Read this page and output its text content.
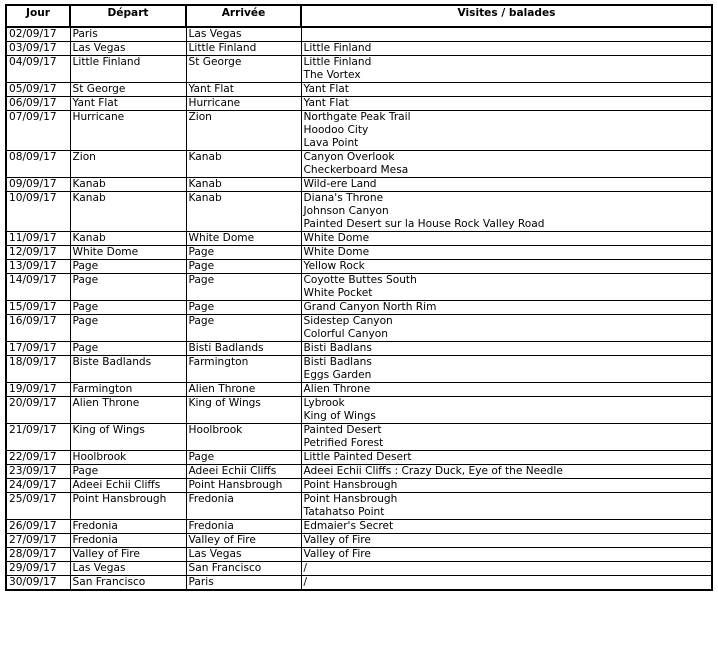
Jour	Départ	Arrivée	Visites / balades
02/09/17	Paris	Las Vegas	

03/09/17	Las Vegas	Little Finland	Little Finland

04/09/17	Little Finland	St George	Little Finland
The Vortex

05/09/17	St George	Yant Flat	Yant Flat

06/09/17	Yant Flat	Hurricane	Yant Flat

07/09/17	Hurricane	Zion	Northgate Peak Trail
Hoodoo City
Lava Point

08/09/17	Zion	Kanab	Canyon Overlook
Checkerboard Mesa

09/09/17	Kanab	Kanab	Wild-ere Land

10/09/17	Kanab	Kanab	Diana's Throne
Johnson Canyon
Painted Desert sur la House Rock Valley Road

11/09/17	Kanab	White Dome	White Dome

12/09/17	White Dome	Page	White Dome

13/09/17	Page	Page	Yellow Rock

14/09/17	Page	Page	Coyotte Buttes South
White Pocket

15/09/17	Page	Page	Grand Canyon North Rim

16/09/17	Page	Page	Sidestep Canyon
Colorful Canyon

17/09/17	Page	Bisti Badlands	Bisti Badlans

18/09/17	Biste Badlands	Farmington	Bisti Badlans
Eggs Garden

19/09/17	Farmington	Alien Throne	Alien Throne

20/09/17	Alien Throne	King of Wings	Lybrook
King of Wings

21/09/17	King of Wings	Hoolbrook	Painted Desert
Petrified Forest

22/09/17	Hoolbrook	Page	Little Painted Desert

23/09/17	Page	Adeei Echii Cliffs	Adeei Echii Cliffs : Crazy Duck, Eye of the Needle

24/09/17	Adeei Echii Cliffs	Point Hansbrough	Point Hansbrough

25/09/17	Point Hansbrough	Fredonia	Point Hansbrough
Tatahatso Point

26/09/17	Fredonia	Fredonia	Edmaier's Secret

27/09/17	Fredonia	Valley of Fire	Valley of Fire

28/09/17	Valley of Fire	Las Vegas	Valley of Fire

29/09/17	Las Vegas	San Francisco	/

30/09/17	San Francisco	Paris	/
